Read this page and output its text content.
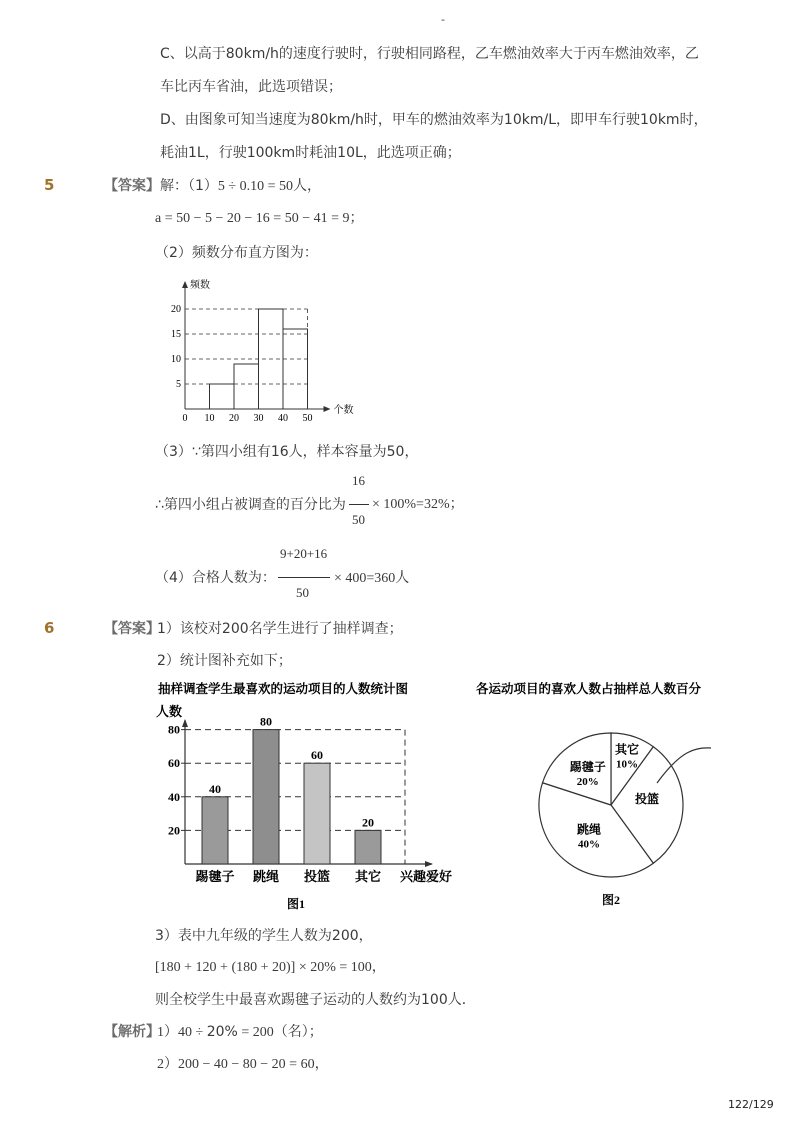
-
C、以高于80km/h的速度行驶时，行驶相同路程，乙车燃油效率大于丙车燃油效率，乙
车比丙车省油，此选项错误；
D、由图象可知当速度为80km/h时，甲车的燃油效率为10km/L，即甲车行驶10km时，
耗油1L，行驶100km时耗油10L，此选项正确；
5	【答案】 解：（1）5 ÷ 0.10 = 50人，
a = 50 − 5 − 20 − 16 = 50 − 41 = 9；
（2）频数分布直方图为：
频数
个数
5
10
15
20
0 10 20 30 40 50
（3）∵第四小组有16人，样本容量为50，
∴第四小组占被调查的百分比为
16
50
× 100%=32%；
（4）合格人数为：
9+20+16
50
× 400=360人
6	【答案】
1）该校对200名学生进行了抽样调查；
2）统计图补充如下；
抽样调查学生最喜欢的运动项目的人数统计图
人数
20
40
60
80
40
踢毽子
80
跳绳
60
投篮
20
其它 兴趣爱好
图1
各运动项目的喜欢人数占抽样总人数百分
其它
10%
投篮
跳绳
40%
踢毽子
20%
图2
3）表中九年级的学生人数为200，
[180 + 120 + (180 + 20)] × 20% = 100，
则全校学生中最喜欢踢毽子运动的人数约为100人．
【解析】
1）40 ÷ 20% = 200（名）；
2）200 − 40 − 80 − 20 = 60，
122/129
